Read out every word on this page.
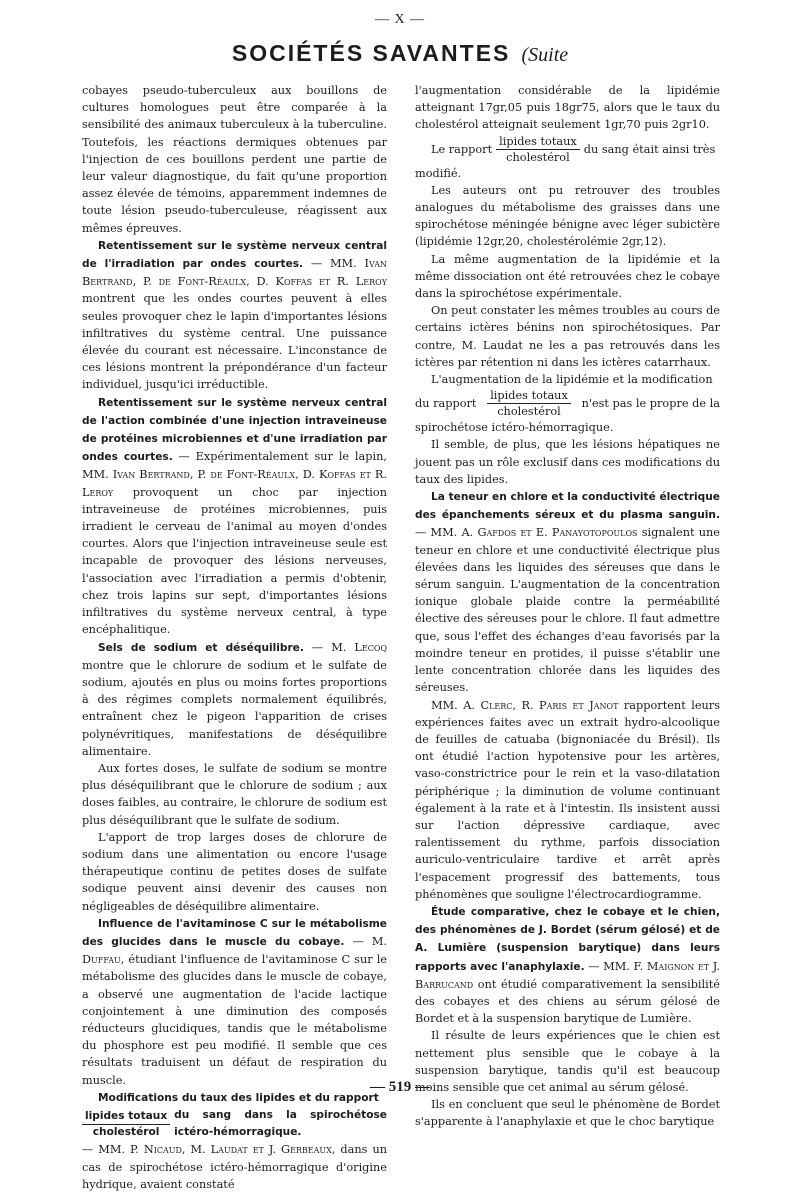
— X —
SOCIÉTÉS SAVANTES (Suite

cobayes pseudo-tuberculeux aux bouillons de cultures homologues peut être comparée à la sensibilité des animaux tuberculeux à la tuberculine. Toutefois, les réactions dermiques obtenues par l'injection de ces bouillons perdent une partie de leur valeur diagnostique, du fait qu'une proportion assez élevée de témoins, apparemment indemnes de toute lésion pseudo-tuberculeuse, réagissent aux mêmes épreuves.

Retentissement sur le système nerveux central de l'irradiation par ondes courtes. — MM. Ivan Bertrand, P. de Font-Réaulx, D. Koffas et R. Leroy montrent que les ondes courtes peuvent à elles seules provoquer chez le lapin d'importantes lésions infiltratives du système central. Une puissance élevée du courant est nécessaire. L'inconstance de ces lésions montrent la prépondérance d'un facteur individuel, jusqu'ici irréductible.

Retentissement sur le système nerveux central de l'action combinée d'une injection intraveineuse de protéines microbiennes et d'une irradiation par ondes courtes. — Expérimentalement sur le lapin, MM. Ivan Bertrand, P. de Font-Réaulx, D. Koffas et R. Leroy provoquent un choc par injection intraveineuse de protéines microbiennes, puis irradient le cerveau de l'animal au moyen d'ondes courtes. Alors que l'injection intraveineuse seule est incapable de provoquer des lésions nerveuses, l'association avec l'irradiation a permis d'obtenir, chez trois lapins sur sept, d'importantes lésions infiltratives du système nerveux central, à type encéphalitique.

Sels de sodium et déséquilibre. — M. Lecoq montre que le chlorure de sodium et le sulfate de sodium, ajoutés en plus ou moins fortes proportions à des régimes complets normalement équilibrés, entraînent chez le pigeon l'apparition de crises polynévritiques, manifestations de déséquilibre alimentaire.

Aux fortes doses, le sulfate de sodium se montre plus déséquilibrant que le chlorure de sodium ; aux doses faibles, au contraire, le chlorure de sodium est plus déséquilibrant que le sulfate de sodium.

L'apport de trop larges doses de chlorure de sodium dans une alimentation ou encore l'usage thérapeutique continu de petites doses de sulfate sodique peuvent ainsi devenir des causes non négligeables de déséquilibre alimentaire.

Influence de l'avitaminose C sur le métabolisme des glucides dans le muscle du cobaye. — M. Duffau, étudiant l'influence de l'avitaminose C sur le métabolisme des glucides dans le muscle de cobaye, a observé une augmentation de l'acide lactique conjointement à une diminution des composés réducteurs glucidiques, tandis que le métabolisme du phosphore est peu modifié. Il semble que ces résultats traduisent un défaut de respiration du muscle.

Modifications du taux des lipides et du rapport

$\frac{\text{lipides totaux}}{\text{cholestérol}}$ du sang dans la spirochétose ictéro-hémorragique.

— MM. P. Nicaud, M. Laudat et J. Gerbeaux, dans un cas de spirochétose ictéro-hémorragique d'origine hydrique, avaient constaté

l'augmentation considérable de la lipidémie atteignant 17gr,05 puis 18gr75, alors que le taux du cholestérol atteignait seulement 1gr,70 puis 2gr10.

Le rapport $\frac{\text{lipides totaux}}{\text{cholestérol}}$ du sang était ainsi très

modifié.

Les auteurs ont pu retrouver des troubles analogues du métabolisme des graisses dans une spirochétose méningée bénigne avec léger subictère (lipidémie 12gr,20, cholestérolémie 2gr,12).

La même augmentation de la lipidémie et la même dissociation ont été retrouvées chez le cobaye dans la spirochétose expérimentale.

On peut constater les mêmes troubles au cours de certains ictères bénins non spirochétosiques. Par contre, M. Laudat ne les a pas retrouvés dans les ictères par rétention ni dans les ictères catarrhaux.

L'augmentation de la lipidémie et la modification

du rapport $\frac{\text{lipides totaux}}{\text{cholestérol}} n'est$ pas le propre de la

spirochétose ictéro-hémorragique.

Il semble, de plus, que les lésions hépatiques ne jouent pas un rôle exclusif dans ces modifications du taux des lipides.

La teneur en chlore et la conductivité électrique des épanchements séreux et du plasma sanguin. — MM. A. Gafdos et E. Panayotopoulos signalent une teneur en chlore et une conductivité électrique plus élevées dans les liquides des séreuses que dans le sérum sanguin. L'augmentation de la concentration ionique globale plaide contre la perméabilité élective des séreuses pour le chlore. Il faut admettre que, sous l'effet des échanges d'eau favorisés par la moindre teneur en protides, il puisse s'établir une lente concentration chlorée dans les liquides des séreuses.

MM. A. Clerc, R. Paris et Janot rapportent leurs expériences faites avec un extrait hydro-alcoolique de feuilles de catuaba (bignoniacée du Brésil). Ils ont étudié l'action hypotensive pour les artères, vaso-constrictrice pour le rein et la vaso-dilatation périphérique ; la diminution de volume continuant également à la rate et à l'intestin. Ils insistent aussi sur l'action dépressive cardiaque, avec ralentissement du rythme, parfois dissociation auriculo-ventriculaire tardive et arrêt après l'espacement progressif des battements, tous phénomènes que souligne l'électrocardiogramme.

Étude comparative, chez le cobaye et le chien, des phénomènes de J. Bordet (sérum gélosé) et de A. Lumière (suspension barytique) dans leurs rapports avec l'anaphylaxie. — MM. F. Maignon et J. Barrucand ont étudié comparativement la sensibilité des cobayes et des chiens au sérum gélosé de Bordet et à la suspension barytique de Lumière.

Il résulte de leurs expériences que le chien est nettement plus sensible que le cobaye à la suspension barytique, tandis qu'il est beaucoup moins sensible que cet animal au sérum gélosé.

Ils en concluent que seul le phénomène de Bordet s'apparente à l'anaphylaxie et que le choc barytique

— 519 —
